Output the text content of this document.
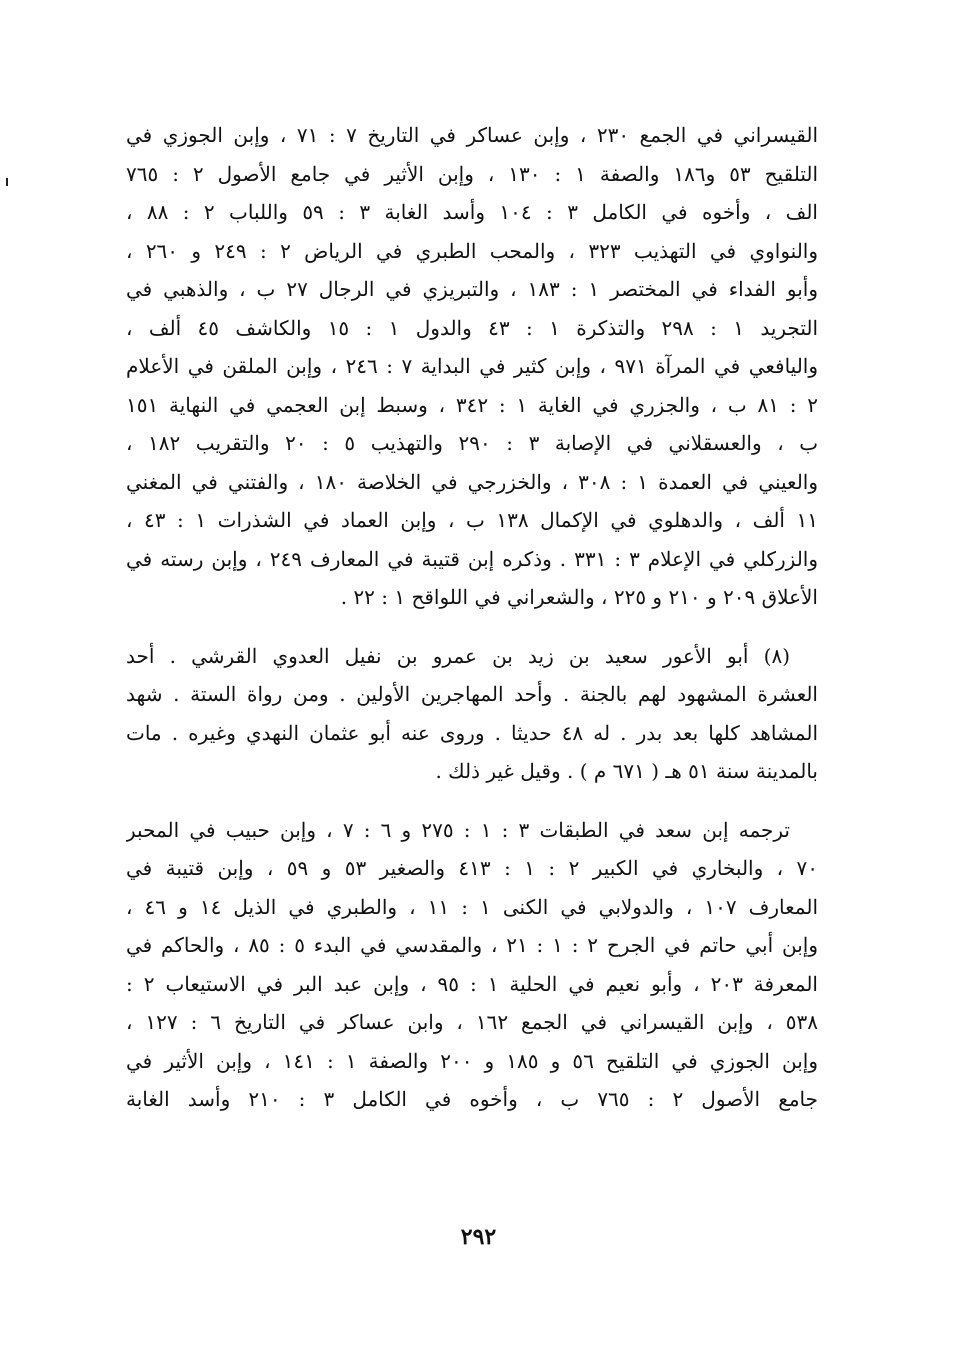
القيسراني في الجمع ٢٣٠ ، وإبن عساكر في التاريخ ٧ : ٧١ ، وإبن الجوزي في
التلقيح ٥٣ و١٨٦ والصفة ١ : ١٣٠ ، وإبن الأثير في جامع الأصول ٢ : ٧٦٥
الف ، وأخوه في الكامل ٣ : ١٠٤ وأسد الغابة ٣ : ٥٩ واللباب ٢ : ٨٨ ،
والنواوي في التهذيب ٣٢٣ ، والمحب الطبري في الرياض ٢ : ٢٤٩ و ٢٦٠ ،
وأبو الفداء في المختصر ١ : ١٨٣ ، والتبريزي في الرجال ٢٧ ب ، والذهبي في
التجريد ١ : ٢٩٨ والتذكرة ١ : ٤٣ والدول ١ : ١٥ والكاشف ٤٥ ألف ،
واليافعي في المرآة ٩٧١ ، وإبن كثير في البداية ٧ : ٢٤٦ ، وإبن الملقن في الأعلام
٢ : ٨١ ب ، والجزري في الغاية ١ : ٣٤٢ ، وسبط إبن العجمي في النهاية ١٥١
ب ، والعسقلاني في الإصابة ٣ : ٢٩٠ والتهذيب ٥ : ٢٠ والتقريب ١٨٢ ،
والعيني في العمدة ١ : ٣٠٨ ، والخزرجي في الخلاصة ١٨٠ ، والفتني في المغني
١١ ألف ، والدهلوي في الإكمال ١٣٨ ب ، وإبن العماد في الشذرات ١ : ٤٣ ،
والزركلي في الإعلام ٣ : ٣٣١ . وذكره إبن قتيبة في المعارف ٢٤٩ ، وإبن رسته في
الأعلاق ٢٠٩ و ٢١٠ و ٢٢٥ ، والشعراني في اللواقح ١ : ٢٢ .
(٨) أبو الأعور سعيد بن زيد بن عمرو بن نفيل العدوي القرشي . أحد
العشرة المشهود لهم بالجنة . وأحد المهاجرين الأولين . ومن رواة الستة . شهد
المشاهد كلها بعد بدر . له ٤٨ حديثا . وروى عنه أبو عثمان النهدي وغيره . مات
بالمدينة سنة ٥١ هـ ( ٦٧١ م ) . وقيل غير ذلك .
ترجمه إبن سعد في الطبقات ٣ : ١ : ٢٧٥ و ٦ : ٧ ، وإبن حبيب في المحبر
٧٠ ، والبخاري في الكبير ٢ : ١ : ٤١٣ والصغير ٥٣ و ٥٩ ، وإبن قتيبة في
المعارف ١٠٧ ، والدولابي في الكنى ١ : ١١ ، والطبري في الذيل ١٤ و ٤٦ ،
وإبن أبي حاتم في الجرح ٢ : ١ : ٢١ ، والمقدسي في البدء ٥ : ٨٥ ، والحاكم في
المعرفة ٢٠٣ ، وأبو نعيم في الحلية ١ : ٩٥ ، وإبن عبد البر في الاستيعاب ٢ :
٥٣٨ ، وإبن القيسراني في الجمع ١٦٢ ، وابن عساكر في التاريخ ٦ : ١٢٧ ،
وإبن الجوزي في التلقيح ٥٦ و ١٨٥ و ٢٠٠ والصفة ١ : ١٤١ ، وإبن الأثير في
جامع الأصول ٢ : ٧٦٥ ب ، وأخوه في الكامل ٣ : ٢١٠ وأسد الغابة
٢٩٢
